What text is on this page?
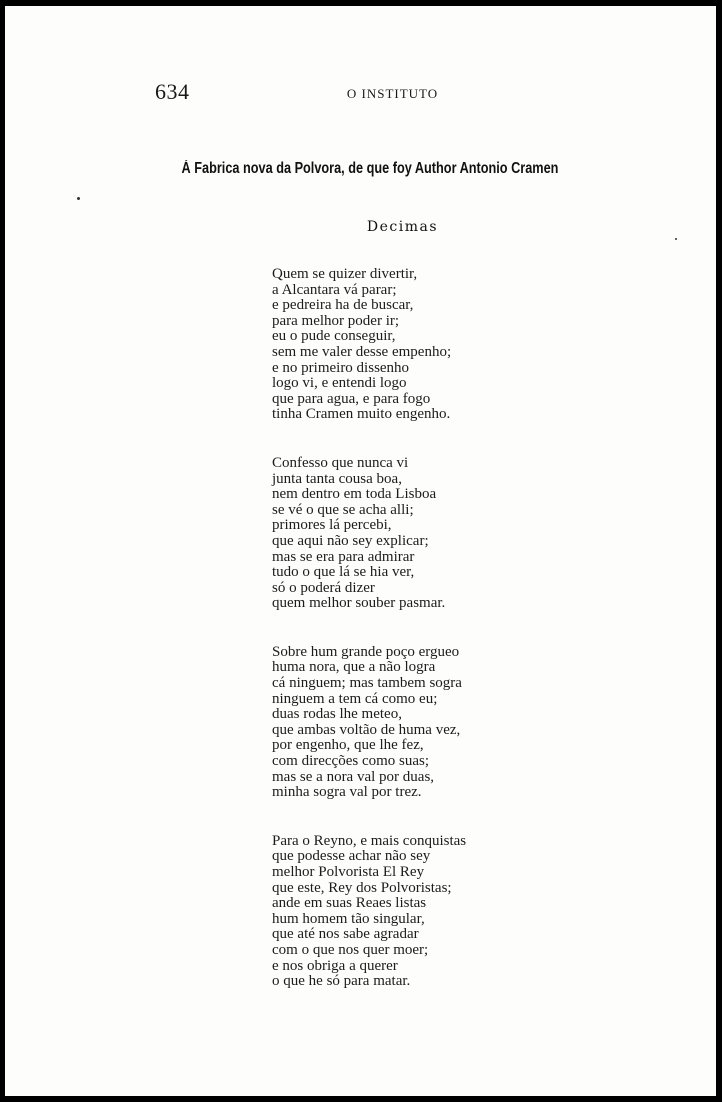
634	O INSTITUTO
Á Fabrica nova da Polvora, de que foy Author Antonio Cramen
Decimas
Quem se quizer divertir,
a Alcantara vá parar;
e pedreira ha de buscar,
para melhor poder ir;
eu o pude conseguir,
sem me valer desse empenho;
e no primeiro dissenho
logo vi, e entendi logo
que para agua, e para fogo
tinha Cramen muito engenho.
Confesso que nunca vi
junta tanta cousa boa,
nem dentro em toda Lisboa
se vé o que se acha alli;
primores lá percebi,
que aqui não sey explicar;
mas se era para admirar
tudo o que lá se hia ver,
só o poderá dizer
quem melhor souber pasmar.
Sobre hum grande poço ergueo
huma nora, que a não logra
cá ninguem; mas tambem sogra
ninguem a tem cá como eu;
duas rodas lhe meteo,
que ambas voltão de huma vez,
por engenho, que lhe fez,
com direcções como suas;
mas se a nora val por duas,
minha sogra val por trez.
Para o Reyno, e mais conquistas
que podesse achar não sey
melhor Polvorista El Rey
que este, Rey dos Polvoristas;
ande em suas Reaes listas
hum homem tão singular,
que até nos sabe agradar
com o que nos quer moer;
e nos obriga a querer
o que he só para matar.
